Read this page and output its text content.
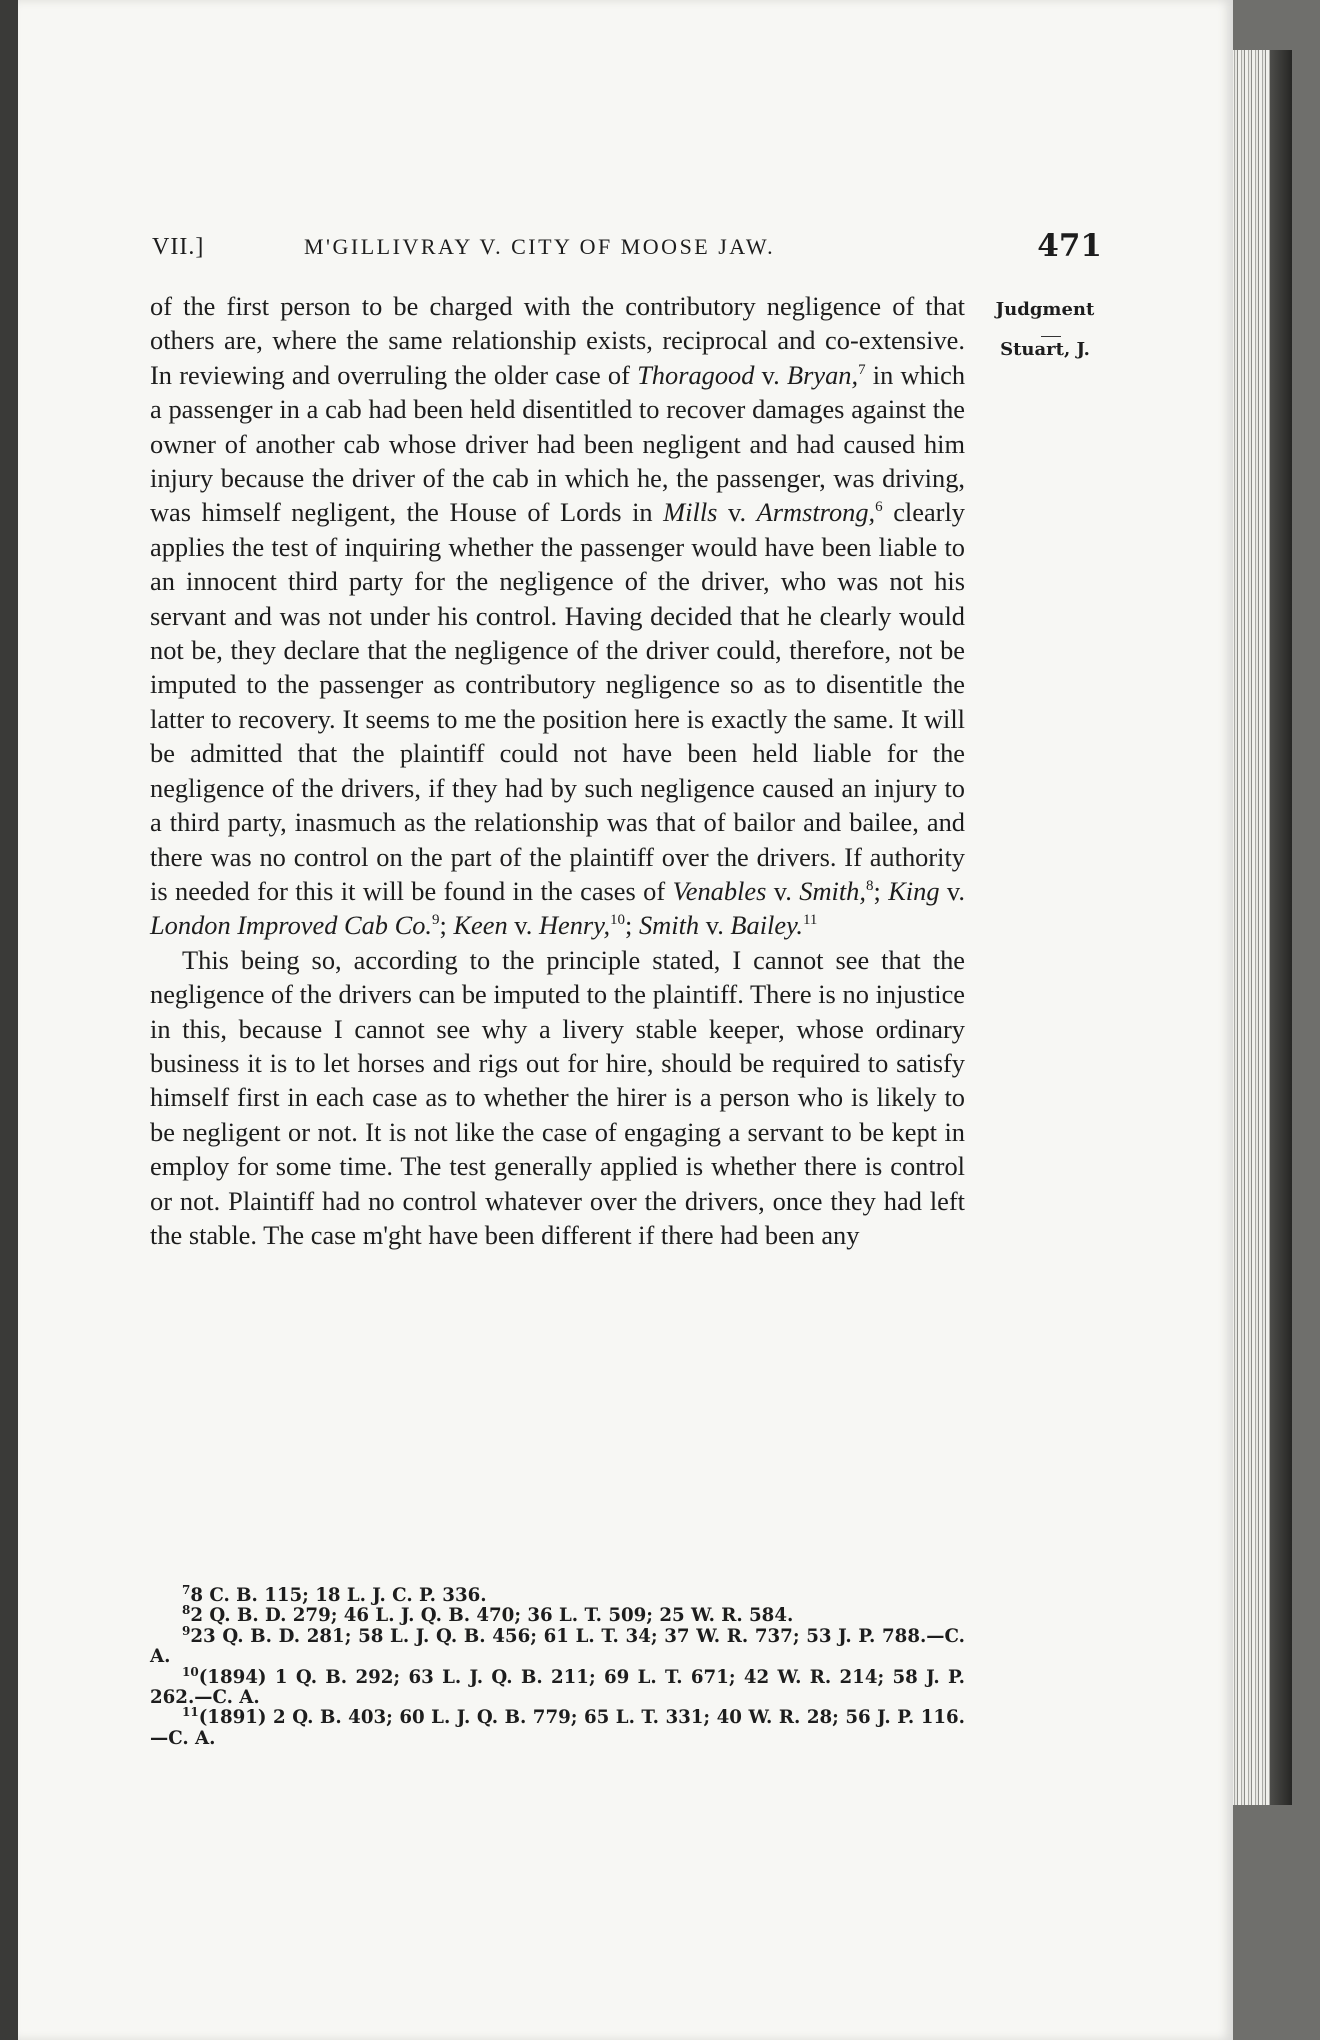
VII.]	M'GILLIVRAY V. CITY OF MOOSE JAW.	471
Judgment
Stuart, J.

of the first person to be charged with the contributory negligence of that others are, where the same relationship exists, reciprocal and co-extensive. In reviewing and overruling the older case of Thoragood v. Bryan,$^7$ in which a passenger in a cab had been held disentitled to recover damages against the owner of another cab whose driver had been negligent and had caused him injury because the driver of the cab in which he, the passenger, was driving, was himself negligent, the House of Lords in Mills v. Armstrong,$^6$ clearly applies the test of inquiring whether the passenger would have been liable to an innocent third party for the negligence of the driver, who was not his servant and was not under his control. Having decided that he clearly would not be, they declare that the negligence of the driver could, therefore, not be imputed to the passenger as contributory negligence so as to disentitle the latter to recovery. It seems to me the position here is exactly the same. It will be admitted that the plaintiff could not have been held liable for the negligence of the drivers, if they had by such negligence caused an injury to a third party, inasmuch as the relationship was that of bailor and bailee, and there was no control on the part of the plaintiff over the drivers. If authority is needed for this it will be found in the cases of Venables v. Smith,$^8$; King v. London Improved Cab Co.$^9$; Keen v. Henry,$^{10}$; Smith v. Bailey.$^{11}$

This being so, according to the principle stated, I cannot see that the negligence of the drivers can be imputed to the plaintiff. There is no injustice in this, because I cannot see why a livery stable keeper, whose ordinary business it is to let horses and rigs out for hire, should be required to satisfy himself first in each case as to whether the hirer is a person who is likely to be negligent or not. It is not like the case of engaging a servant to be kept in employ for some time. The test generally applied is whether there is control or not. Plaintiff had no control whatever over the drivers, once they had left the stable. The case m'ght have been different if there had been any

$^7$8 C. B. 115; 18 L. J. C. P. 336.

$^8$2 Q. B. D. 279; 46 L. J. Q. B. 470; 36 L. T. 509; 25 W. R. 584.

$^9$23 Q. B. D. 281; 58 L. J. Q. B. 456; 61 L. T. 34; 37 W. R. 737; 53 J. P. 788.—C. A.

$^{10}$(1894) 1 Q. B. 292; 63 L. J. Q. B. 211; 69 L. T. 671; 42 W. R. 214; 58 J. P. 262.—C. A.

$^{11}$(1891) 2 Q. B. 403; 60 L. J. Q. B. 779; 65 L. T. 331; 40 W. R. 28; 56 J. P. 116.—C. A.
